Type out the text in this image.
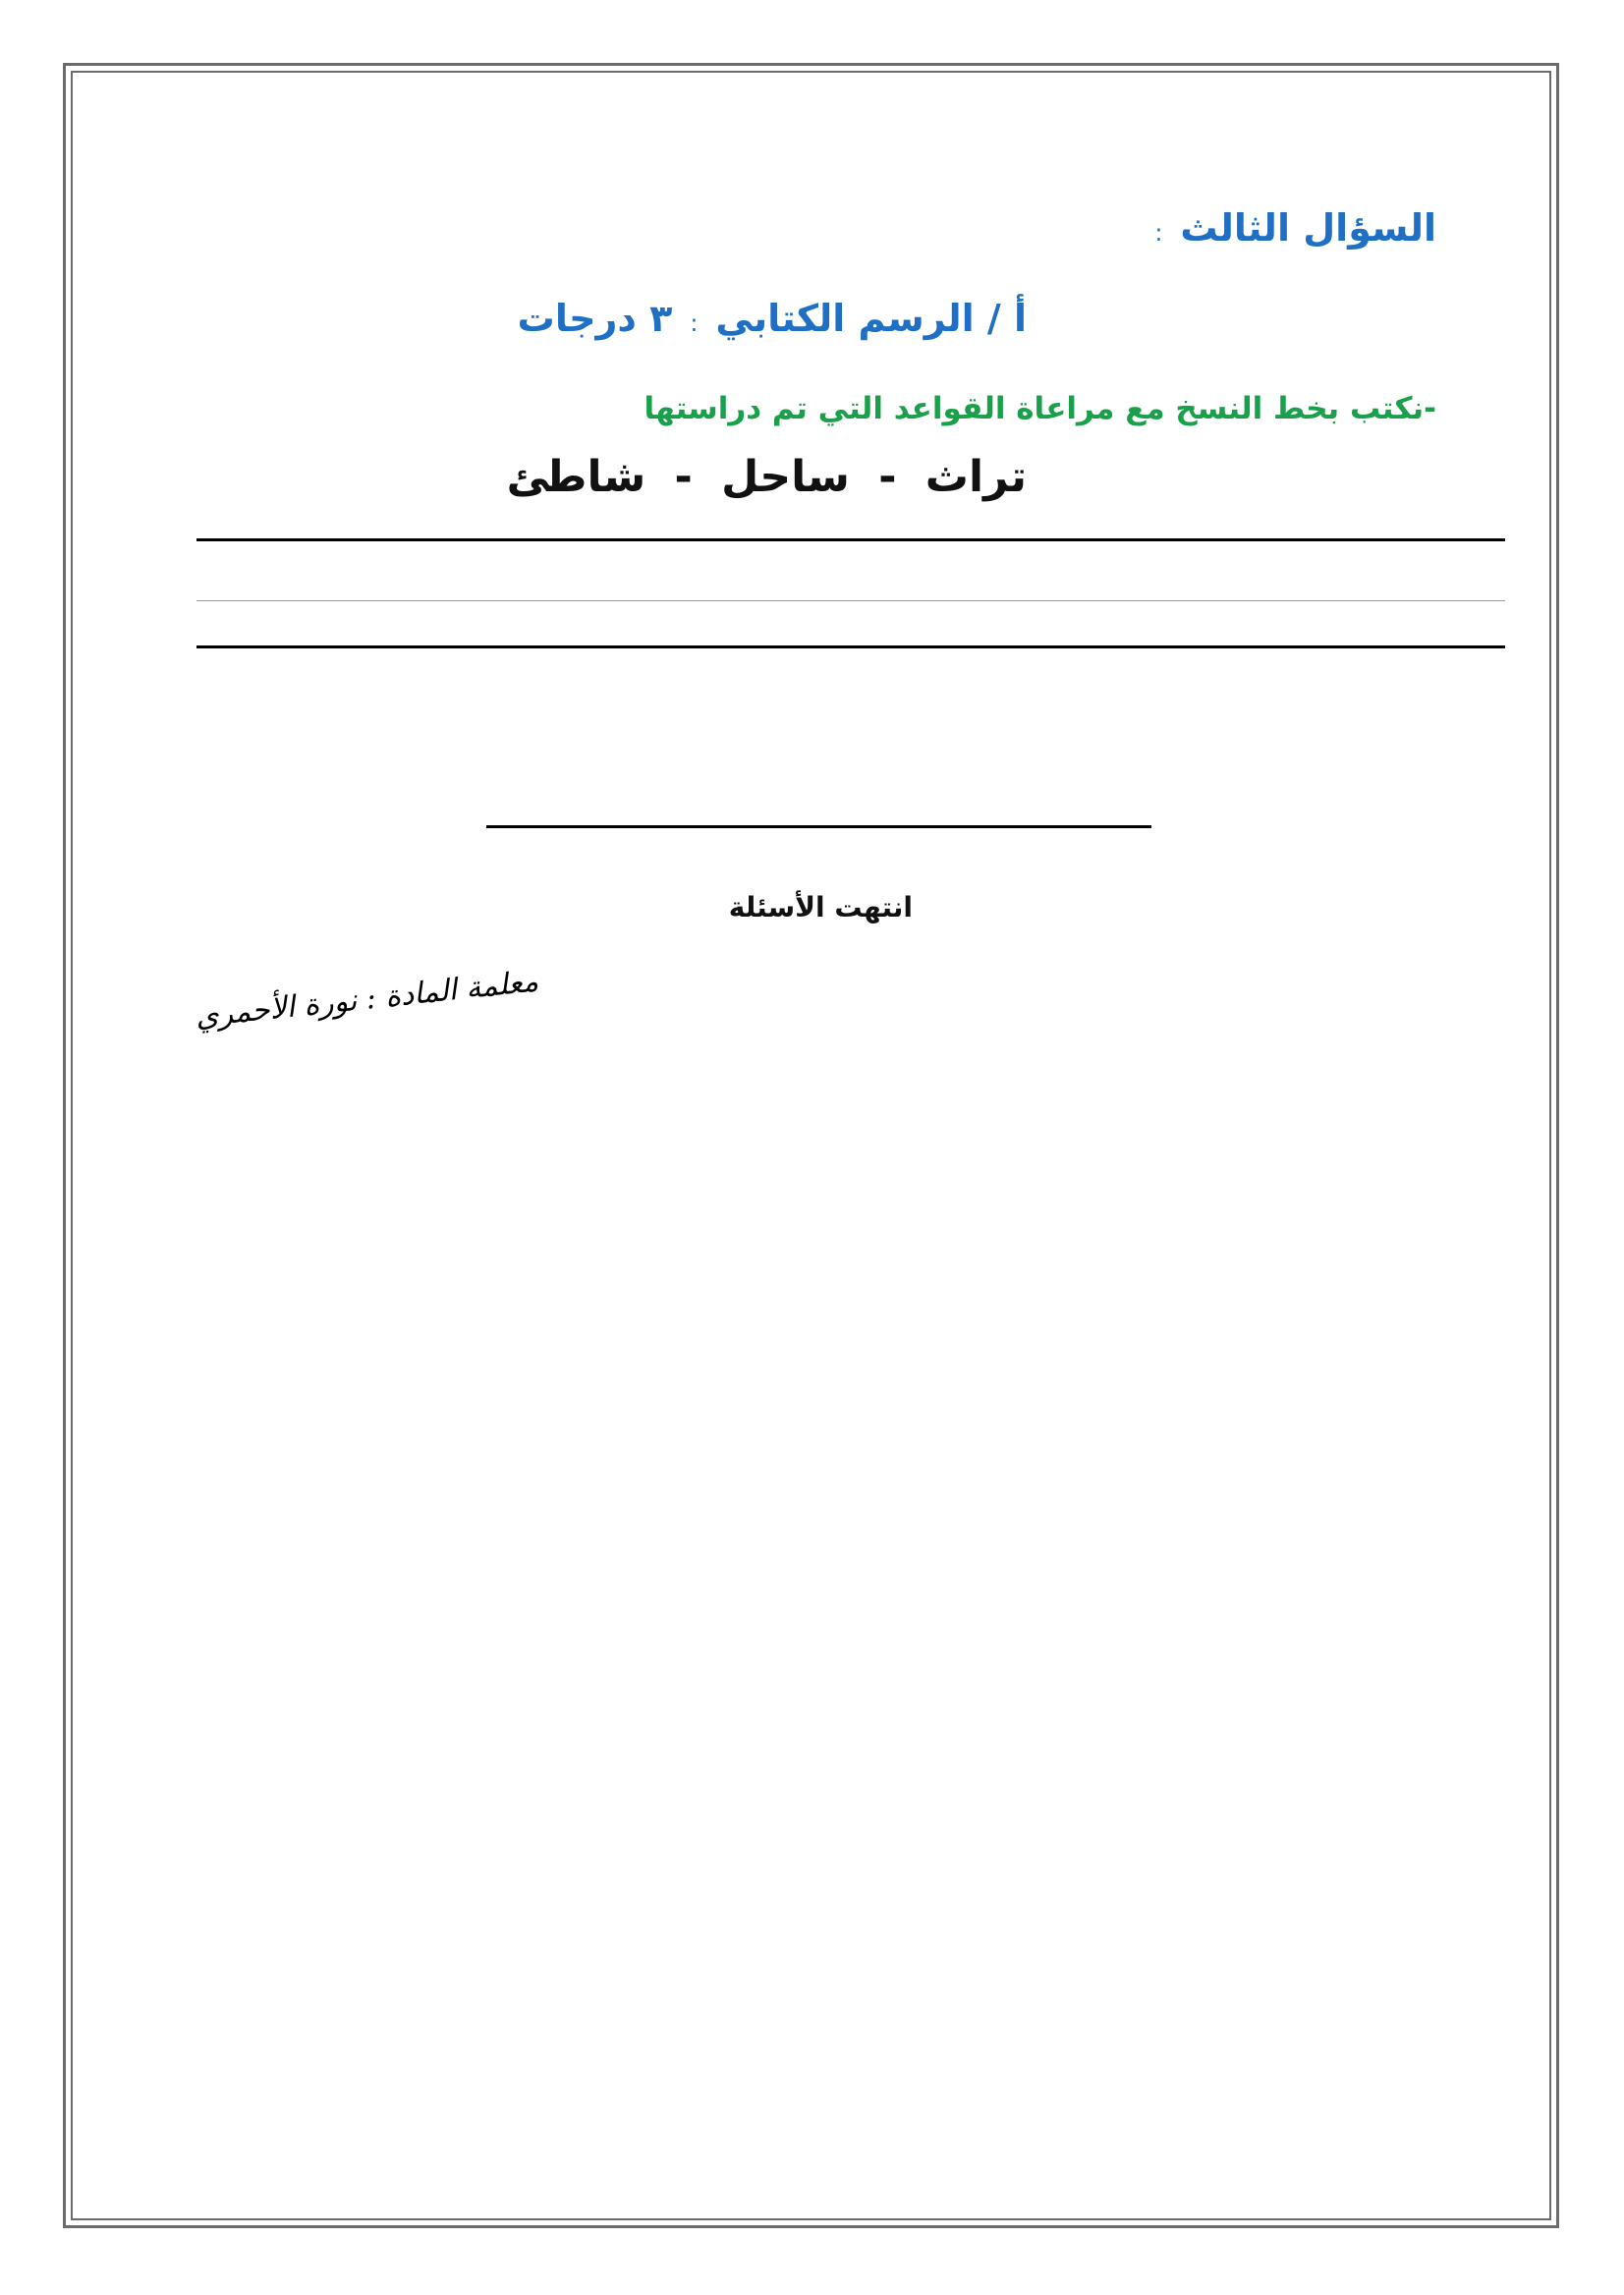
السؤال الثالث:
أ / الرسم الكتابي:٣ درجات
-نكتب بخط النسخ مع مراعاة القواعد التي تم دراستها
تراث - ساحل - شاطئ
انتهت الأسئلة
معلمة المادة : نورة الأحمري
